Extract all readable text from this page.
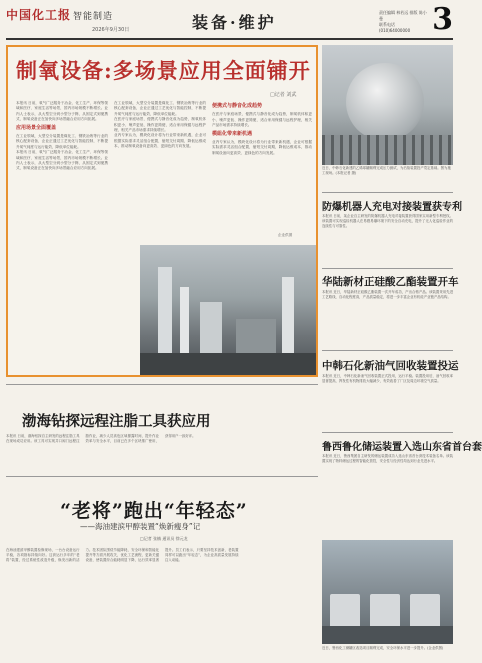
中国化工报 智能制造
2026年9月30日	装备·维护
责任编辑 林若远 排版 陈小曼
联系电话 (010)64000000 3
制氧设备:多场景应用全面铺开
□记者 刘武

本报讯 日前，氧气广泛服务于冶金、化工生产、环保等领域和医疗、家庭生活等场景，国内市场规模不断增长。业内人士表示，从大型空分到小型分子筛，从固定式到便携式，制氧设备正在加快向多场景融合应用方向拓展。

应用场景全面覆盖

在工业领域，大型空分装置是煤化工、钢铁冶炼等行业的核心配套设备，企业正通过工艺优化与智能控制，不断提升氧气纯度与运行能效，降低单位能耗。

本报讯 日前，氧气广泛服务于冶金、化工生产、环保等领域和医疗、家庭生活等场景，国内市场规模不断增长。业内人士表示，从大型空分到小型分子筛，从固定式到便携式，制氧设备正在加快向多场景融合应用方向拓展。

在工业领域，大型空分装置是煤化工、钢铁冶炼等行业的核心配套设备，企业正通过工艺优化与智能控制，不断提升氧气纯度与运行能效，降低单位能耗。

在医疗与家庭场景，便携式与静音化成为趋势，制氧机体积更小、噪声更低、操作更简便，适合家用保健与远程护理，相关产品市场需求持续增长。

业内专家认为，模块化设计将为行业带来新机遇，企业可根据实际需求灵活组合配置，缩短交付周期，降低运维成本，推动制氧设备向更高效、更绿色的方向发展。

便携式与静音化成趋势

在医疗与家庭场景，便携式与静音化成为趋势，制氧机体积更小、噪声更低、操作更简便，适合家用保健与远程护理，相关产品市场需求持续增长。

模組化带来新机遇

业内专家认为，模块化设计将为行业带来新机遇，企业可根据实际需求灵活组合配置，缩短交付周期，降低运维成本，推动制氧设备向更高效、更绿色的方向发展。

企业供图
近日，中韩石化新建的乙烯球罐顺利完成压力测试，为后续装置投产奠定基础。图为施工现场。(本报记者 摄)
防爆机器人充电对接装置获专利
本报讯 日前，某企业自主研发的防爆机器人充电对接装置获得国家实用新型专利授权。该装置可实现巡检机器人在易燃易爆环境下的安全自动充电，提升了无人化巡检作业的连续性与可靠性。
华陆新材正硅酸乙酯装置开车
本报讯 近日，华陆新材正硅酸乙酯装置一次开车成功，产出合格产品。该装置采用先进工艺路线，自动化程度高，产品质量稳定，将进一步丰富企业有机硅产业链产品结构。
中韩石化新油气回收装置投运
本报讯 近日，中韩石化新油气回收装置正式投用，运行平稳。装置投用后，油气回收率显著提高，挥发性有机物排放大幅减少，有效改善了厂区及周边环境空气质量。
鲁西鲁化储运装置入选山东省首台套
本报讯 近日，鲁西集团自主研发的储运装置成功入选山东省首台套技术装备名单。该装置实现了物料储运过程的智能化管控，安全性与经济性均达到行业先进水平。
渤海钻探远程注脂工具获应用
本报讯 日前，渤海钻探自主研发的远程注脂工具在现场成功应用。该工具可实现井口阀门远程注脂作业，减少人员高危区域暴露时间，提升作业效率与安全水平，目前已在多个区块推广使用，获得用户一致好评。
“老将”跑出“年轻态”
——海油建滨甲醇装置“焕新瘦身”记
□记者 张楠 通讯员 徐元龙
在海油建滨甲醇装置检修现场，一台台设备运行平稳，各项指标持续向好。这套运行多年的“老将”装置，经过系统性改造升级，焕发出新的活力。技术团队围绕节能降耗、安全环保和智能化提升等方面开展攻关，优化工艺流程，更新关键设备，使装置综合能耗明显下降，运行效率显著提升。员工们表示，只要坚持技术创新，老装置同样可以跑出“年轻态”，为企业高质量发展持续注入动能。
近日，鲁西化工储罐区改造项目顺利完成，安全环保水平进一步提升。(企业供图)
